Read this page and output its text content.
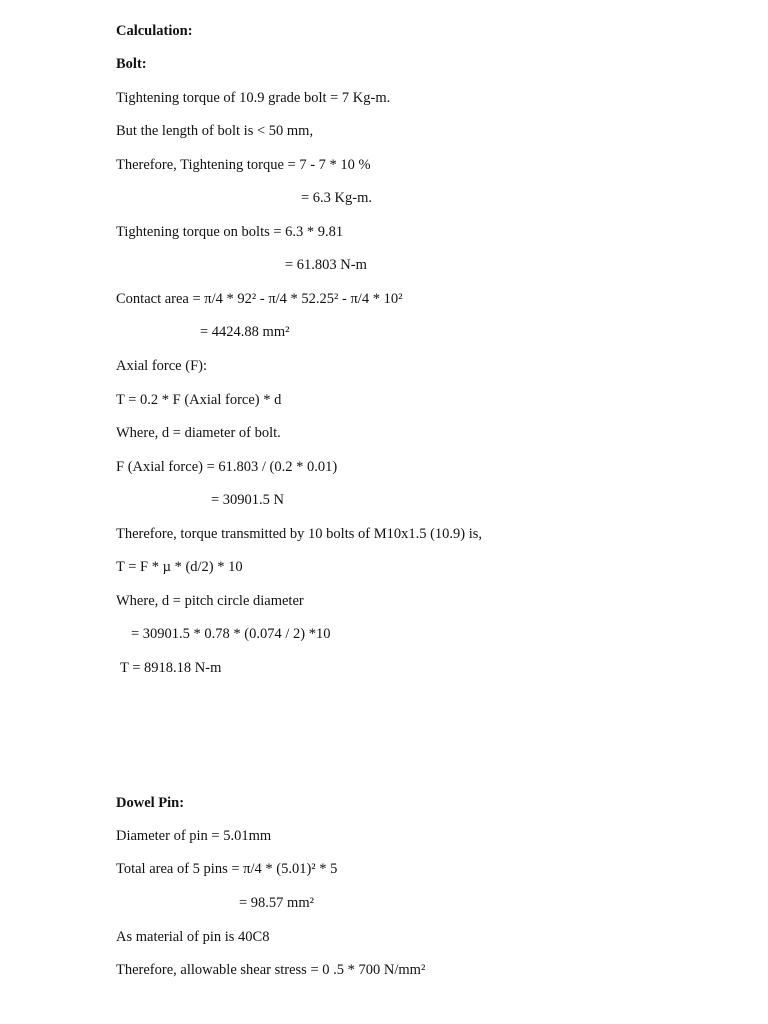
Calculation:
Bolt:
Tightening torque of 10.9 grade bolt = 7 Kg-m.
But the length of bolt is < 50 mm,
Therefore, Tightening torque = 7 - 7 * 10 %
= 6.3 Kg-m.
Tightening torque on bolts = 6.3 * 9.81
= 61.803 N-m
Contact area = π/4 * 92² - π/4 * 52.25² - π/4 * 10²
= 4424.88 mm²
Axial force (F):
T = 0.2 * F (Axial force) * d
Where, d = diameter of bolt.
F (Axial force) = 61.803 / (0.2 * 0.01)
= 30901.5 N
Therefore, torque transmitted by 10 bolts of M10x1.5 (10.9) is,
T = F * µ * (d/2) * 10
Where, d = pitch circle diameter
= 30901.5 * 0.78 * (0.074 / 2) *10
T = 8918.18 N-m
Dowel Pin:
Diameter of pin = 5.01mm
Total area of 5 pins = π/4 * (5.01)² * 5
= 98.57 mm²
As material of pin is 40C8
Therefore, allowable shear stress = 0 .5 * 700 N/mm²
